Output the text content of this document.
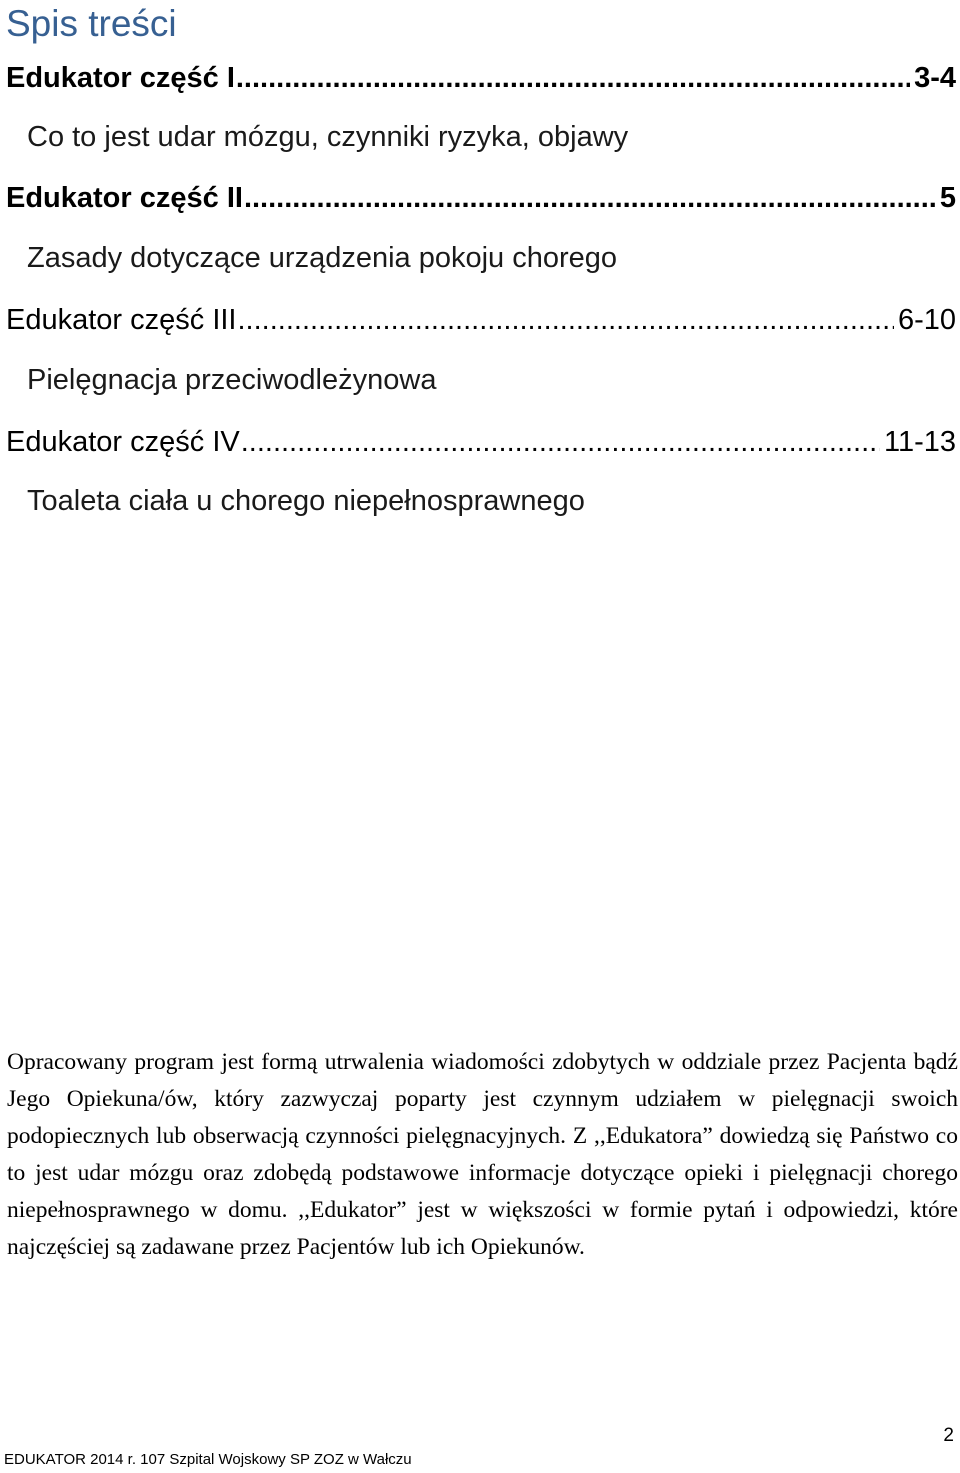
Spis treści
Edukator część I .....	3-4
Co to jest udar mózgu, czynniki ryzyka, objawy
Edukator część II .....	5
Zasady dotyczące urządzenia pokoju chorego
Edukator część III .....	6-10
Pielęgnacja przeciwodleżynowa
Edukator część IV .....	11-13
Toaleta ciała u chorego niepełnosprawnego

Opracowany program jest formą utrwalenia wiadomości zdobytych w oddziale przez Pacjenta bądź Jego Opiekuna/ów, który zazwyczaj poparty jest czynnym udziałem w pielęgnacji swoich podopiecznych lub obserwacją czynności pielęgnacyjnych. Z ,,Edukatora” dowiedzą się Państwo co to jest udar mózgu oraz zdobędą podstawowe informacje dotyczące opieki i pielęgnacji chorego niepełnosprawnego w domu. ,,Edukator” jest w większości w formie pytań i odpowiedzi, które najczęściej są zadawane przez Pacjentów lub ich Opiekunów.

2
EDUKATOR 2014 r. 107 Szpital Wojskowy SP ZOZ w Wałczu
